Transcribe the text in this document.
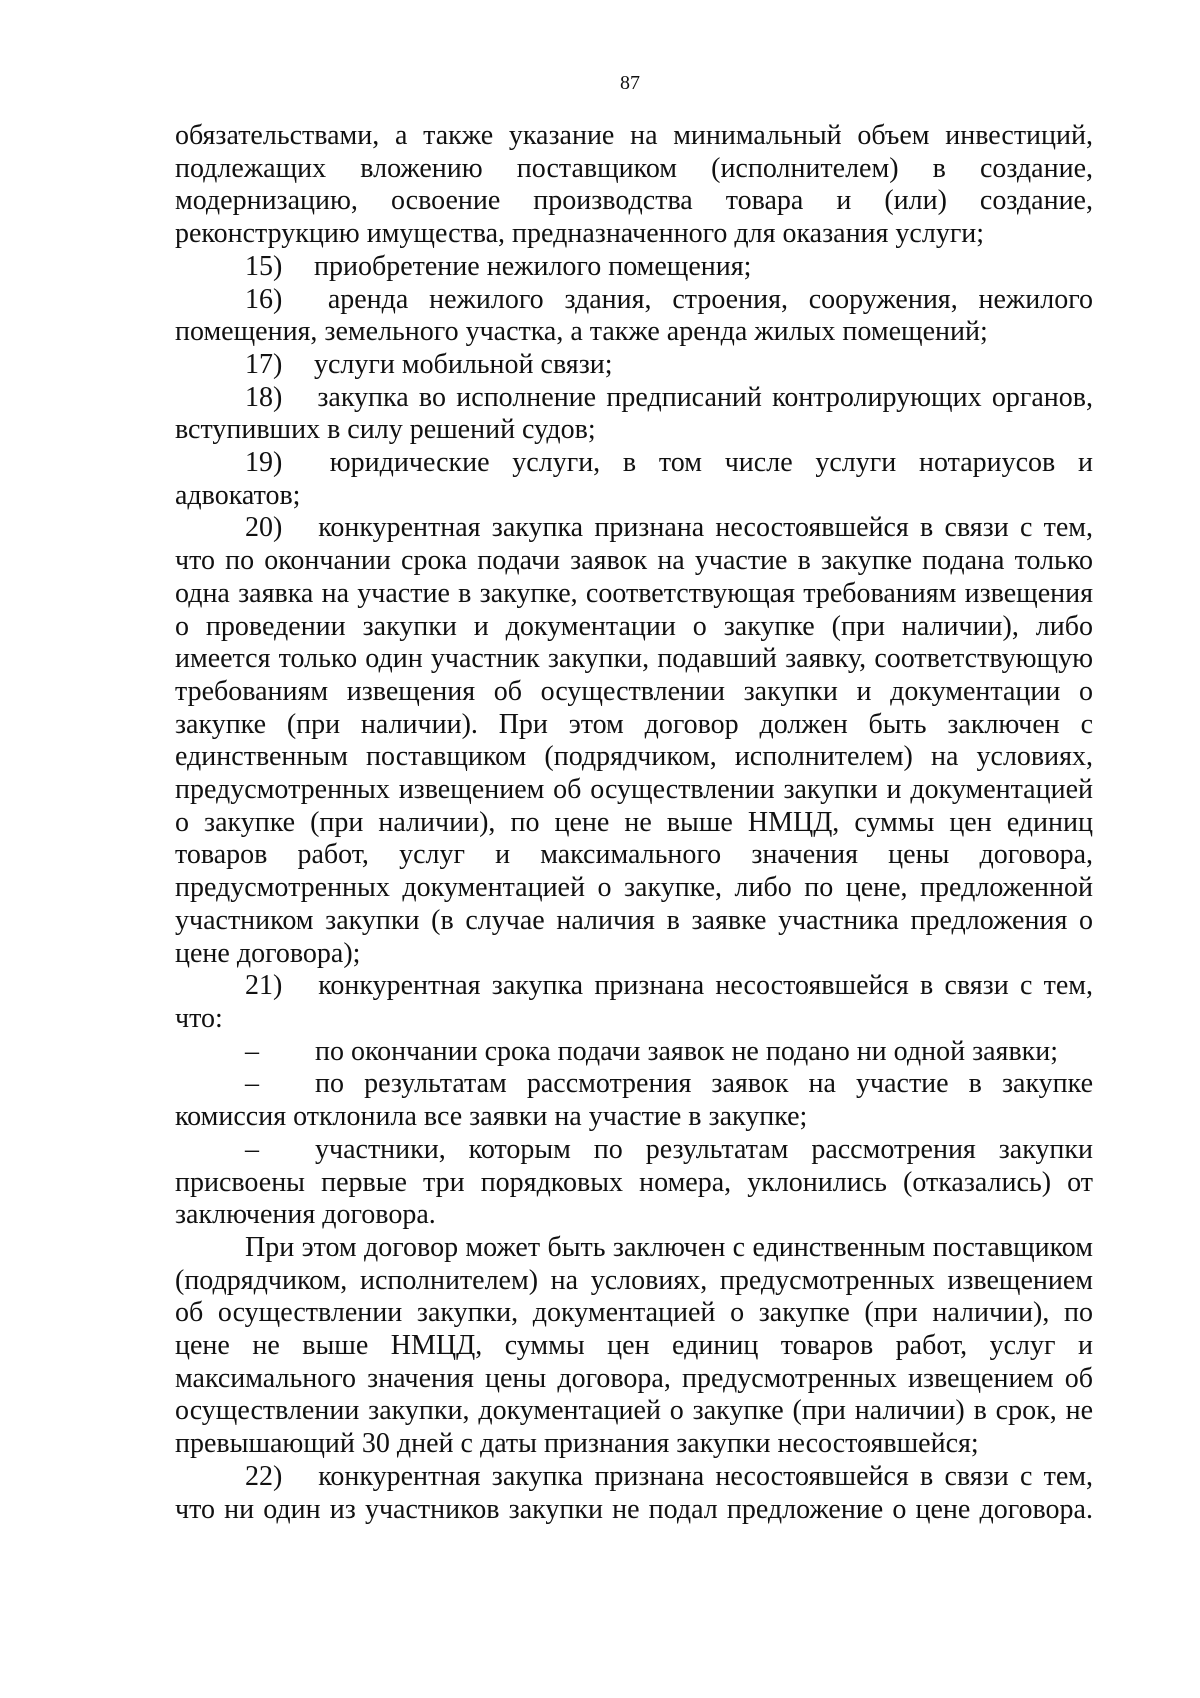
87

обязательствами, а также указание на минимальный объем инвестиций, подлежащих вложению поставщиком (исполнителем) в создание, модернизацию, освоение производства товара и (или) создание, реконструкцию имущества, предназначенного для оказания услуги;

15) приобретение нежилого помещения;

16) аренда нежилого здания, строения, сооружения, нежилого помещения, земельного участка, а также аренда жилых помещений;

17) услуги мобильной связи;

18) закупка во исполнение предписаний контролирующих органов, вступивших в силу решений судов;

19) юридические услуги, в том числе услуги нотариусов и адвокатов;

20) конкурентная закупка признана несостоявшейся в связи с тем, что по окончании срока подачи заявок на участие в закупке подана только одна заявка на участие в закупке, соответствующая требованиям извещения о проведении закупки и документации о закупке (при наличии), либо имеется только один участник закупки, подавший заявку, соответствующую требованиям извещения об осуществлении закупки и документации о закупке (при наличии). При этом договор должен быть заключен с единственным поставщиком (подрядчиком, исполнителем) на условиях, предусмотренных извещением об осуществлении закупки и документацией о закупке (при наличии), по цене не выше НМЦД, суммы цен единиц товаров работ, услуг и максимального значения цены договора, предусмотренных документацией о закупке, либо по цене, предложенной участником закупки (в случае наличия в заявке участника предложения о цене договора);

21) конкурентная закупка признана несостоявшейся в связи с тем, что:

– по окончании срока подачи заявок не подано ни одной заявки;

– по результатам рассмотрения заявок на участие в закупке комиссия отклонила все заявки на участие в закупке;

– участники, которым по результатам рассмотрения закупки присвоены первые три порядковых номера, уклонились (отказались) от заключения договора.

При этом договор может быть заключен с единственным поставщиком (подрядчиком, исполнителем) на условиях, предусмотренных извещением об осуществлении закупки, документацией о закупке (при наличии), по цене не выше НМЦД, суммы цен единиц товаров работ, услуг и максимального значения цены договора, предусмотренных извещением об осуществлении закупки, документацией о закупке (при наличии) в срок, не превышающий 30 дней с даты признания закупки несостоявшейся;

22) конкурентная закупка признана несостоявшейся в связи с тем, что ни один из участников закупки не подал предложение о цене договора.
